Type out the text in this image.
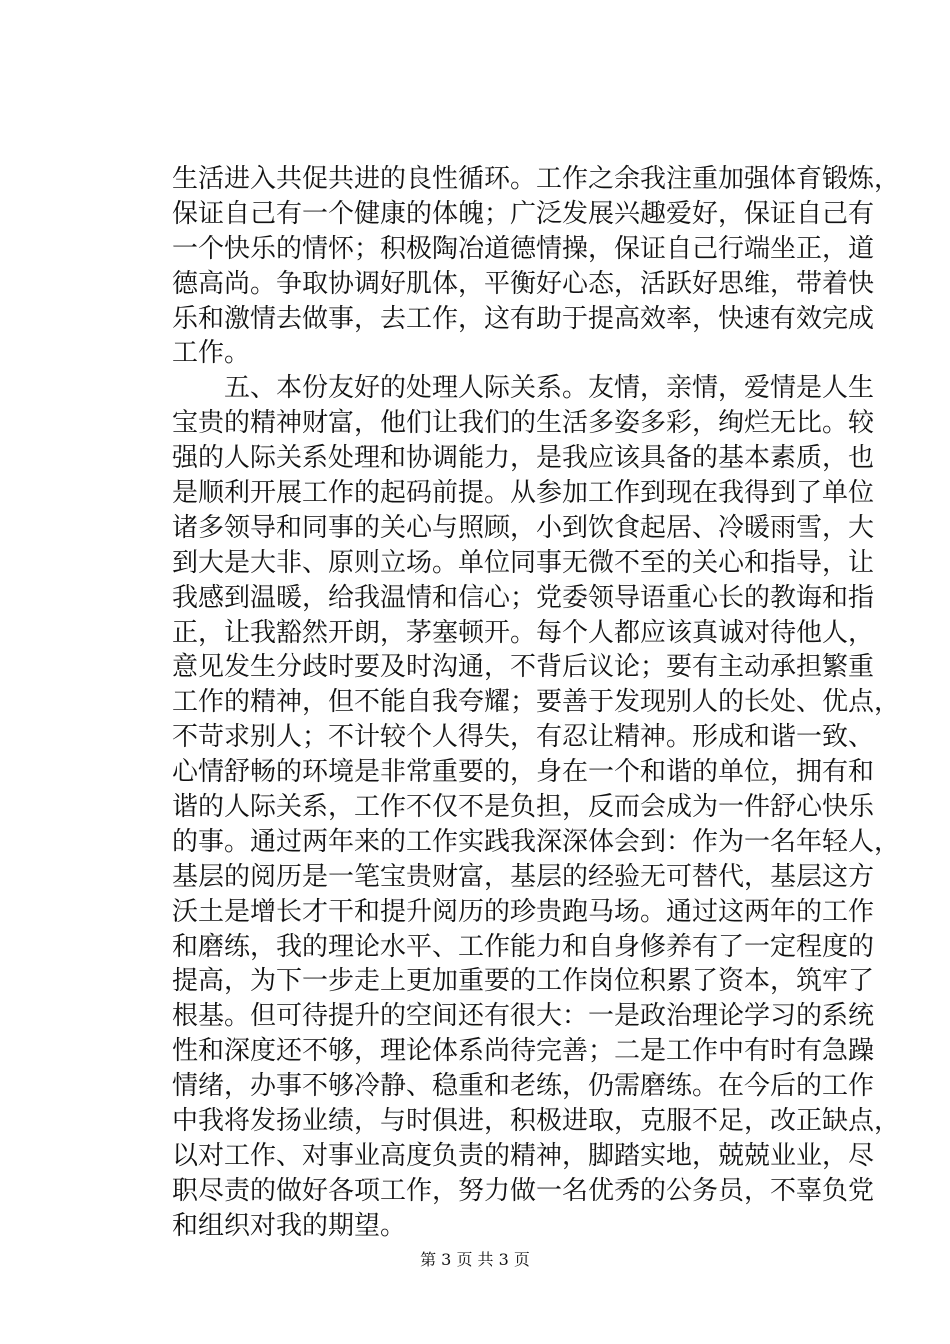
生活进入共促共进的良性循环。工作之余我注重加强体育锻炼，
保证自己有一个健康的体魄；广泛发展兴趣爱好，保证自己有
一个快乐的情怀；积极陶冶道德情操，保证自己行端坐正，道
德高尚。争取协调好肌体，平衡好心态，活跃好思维，带着快
乐和激情去做事，去工作，这有助于提高效率，快速有效完成
工作。
　　五、本份友好的处理人际关系。友情，亲情，爱情是人生
宝贵的精神财富，他们让我们的生活多姿多彩，绚烂无比。较
强的人际关系处理和协调能力，是我应该具备的基本素质，也
是顺利开展工作的起码前提。从参加工作到现在我得到了单位
诸多领导和同事的关心与照顾，小到饮食起居、冷暖雨雪，大
到大是大非、原则立场。单位同事无微不至的关心和指导，让
我感到温暖，给我温情和信心；党委领导语重心长的教诲和指
正，让我豁然开朗，茅塞顿开。每个人都应该真诚对待他人，
意见发生分歧时要及时沟通，不背后议论；要有主动承担繁重
工作的精神，但不能自我夸耀；要善于发现别人的长处、优点，
不苛求别人；不计较个人得失，有忍让精神。形成和谐一致、
心情舒畅的环境是非常重要的，身在一个和谐的单位，拥有和
谐的人际关系，工作不仅不是负担，反而会成为一件舒心快乐
的事。通过两年来的工作实践我深深体会到：作为一名年轻人，
基层的阅历是一笔宝贵财富，基层的经验无可替代，基层这方
沃土是增长才干和提升阅历的珍贵跑马场。通过这两年的工作
和磨练，我的理论水平、工作能力和自身修养有了一定程度的
提高，为下一步走上更加重要的工作岗位积累了资本，筑牢了
根基。但可待提升的空间还有很大：一是政治理论学习的系统
性和深度还不够，理论体系尚待完善；二是工作中有时有急躁
情绪，办事不够冷静、稳重和老练，仍需磨练。在今后的工作
中我将发扬业绩，与时俱进，积极进取，克服不足，改正缺点，
以对工作、对事业高度负责的精神，脚踏实地，兢兢业业，尽
职尽责的做好各项工作，努力做一名优秀的公务员，不辜负党
和组织对我的期望。
第 3 页 共 3 页
